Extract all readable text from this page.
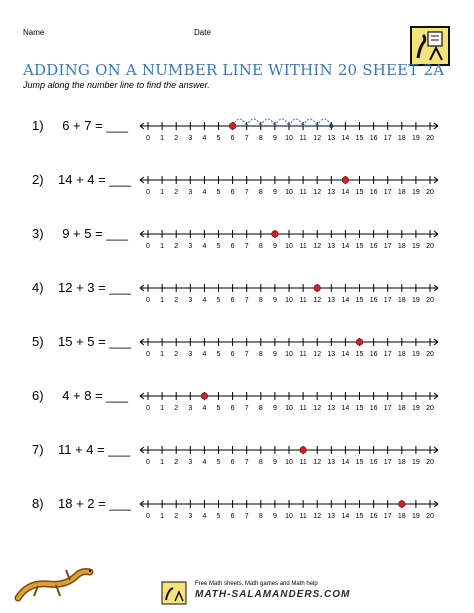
Name	Date
ADDING ON A NUMBER LINE WITHIN 20 SHEET 2A
Jump along the number line to find the answer.
1)	6 + 7 = ___
0 1 2 3 4 5 6 7 8 9 10 11 12 13 14 15 16 17 18 19 20
2) 14 + 4 = ___
0 1 2 3 4 5 6 7 8 9 10 11 12 13 14 15 16 17 18 19 20
3)	9 + 5 = ___
0 1 2 3 4 5 6 7 8 9 10 11 12 13 14 15 16 17 18 19 20
4) 12 + 3 = ___
0 1 2 3 4 5 6 7 8 9 10 11 12 13 14 15 16 17 18 19 20
5) 15 + 5 = ___
0 1 2 3 4 5 6 7 8 9 10 11 12 13 14 15 16 17 18 19 20
6)	4 + 8 = ___
0 1 2 3 4 5 6 7 8 9 10 11 12 13 14 15 16 17 18 19 20
7) 11 + 4 = ___
0 1 2 3 4 5 6 7 8 9 10 11 12 13 14 15 16 17 18 19 20
8) 18 + 2 = ___
0 1 2 3 4 5 6 7 8 9 10 11 12 13 14 15 16 17 18 19 20
Free Math sheets, Math games and Math help
MATH-SALAMANDERS.COM
